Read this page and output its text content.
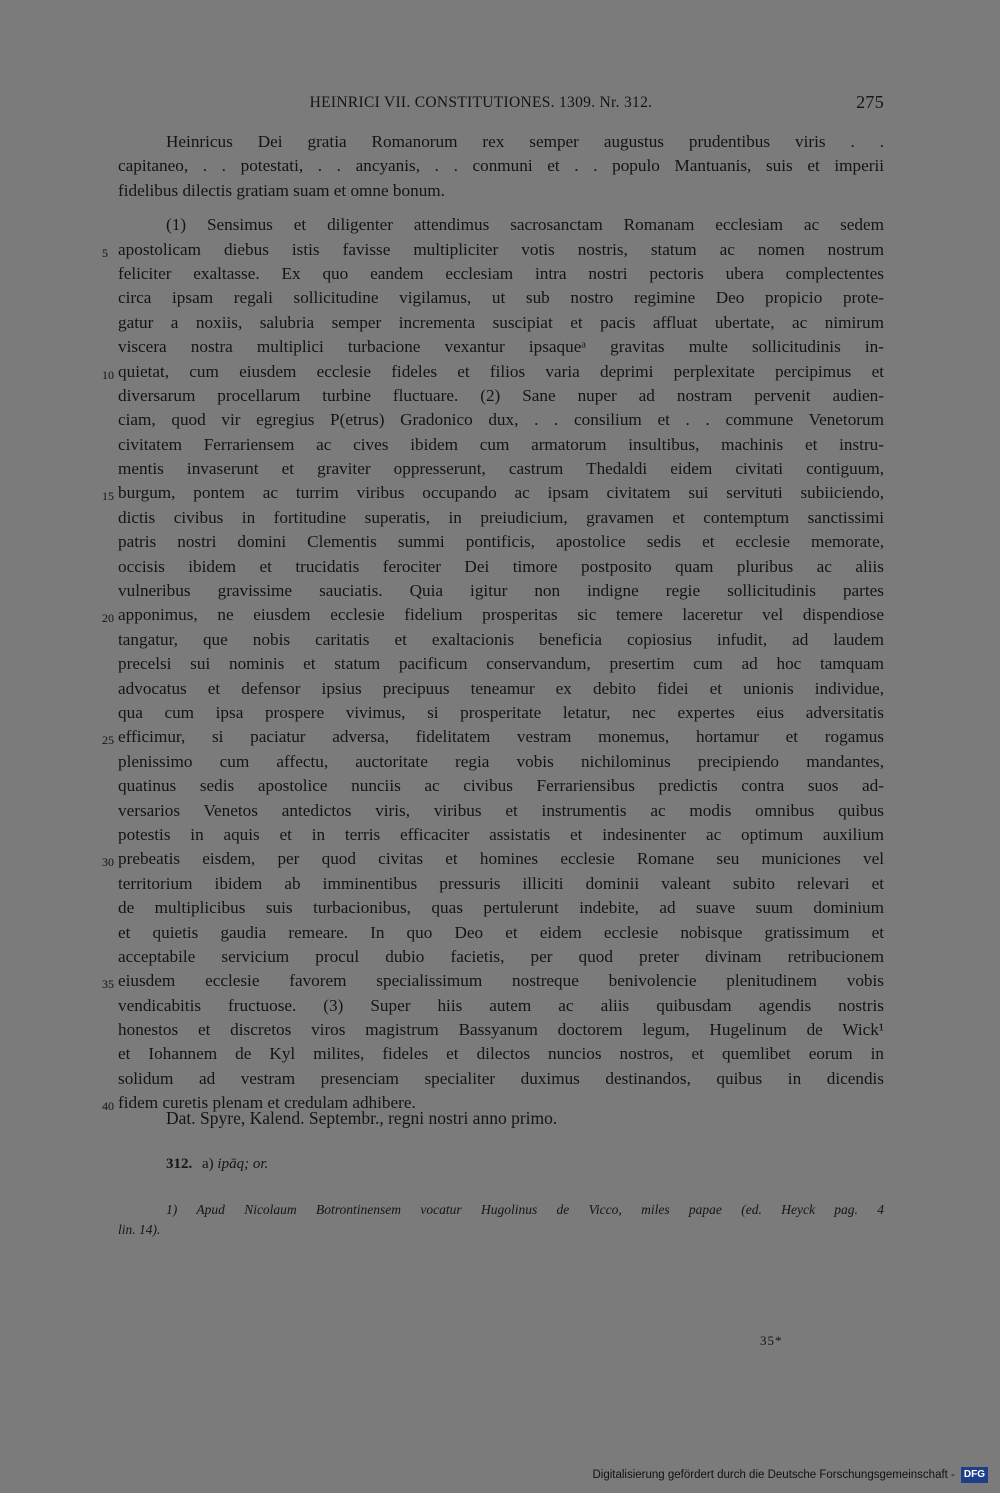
HEINRICI VII. CONSTITUTIONES. 1309. Nr. 312.	275
Heinricus Dei gratia Romanorum rex semper augustus prudentibus viris . .
capitaneo, . . potestati, . . ancyanis, . . conmuni et . . populo Mantuanis, suis et imperii
fidelibus dilectis gratiam suam et omne bonum.
(1) Sensimus et diligenter attendimus sacrosanctam Romanam ecclesiam ac sedem
5 apostolicam diebus istis favisse multipliciter votis nostris, statum ac nomen nostrum
feliciter exaltasse. Ex quo eandem ecclesiam intra nostri pectoris ubera complectentes
circa ipsam regali sollicitudine vigilamus, ut sub nostro regimine Deo propicio prote-
gatur a noxiis, salubria semper incrementa suscipiat et pacis affluat ubertate, ac nimirum
viscera nostra multiplici turbacione vexantur ipsaqueᵃ gravitas multe sollicitudinis in-
10 quietat, cum eiusdem ecclesie fideles et filios varia deprimi perplexitate percipimus et
diversarum procellarum turbine fluctuare. (2) Sane nuper ad nostram pervenit audien-
ciam, quod vir egregius P(etrus) Gradonico dux, . . consilium et . . commune Venetorum
civitatem Ferrariensem ac cives ibidem cum armatorum insultibus, machinis et instru-
mentis invaserunt et graviter oppresserunt, castrum Thedaldi eidem civitati contiguum,
15 burgum, pontem ac turrim viribus occupando ac ipsam civitatem sui servituti subiiciendo,
dictis civibus in fortitudine superatis, in preiudicium, gravamen et contemptum sanctissimi
patris nostri domini Clementis summi pontificis, apostolice sedis et ecclesie memorate,
occisis ibidem et trucidatis ferociter Dei timore postposito quam pluribus ac aliis
vulneribus gravissime sauciatis. Quia igitur non indigne regie sollicitudinis partes
20 apponimus, ne eiusdem ecclesie fidelium prosperitas sic temere laceretur vel dispendiose
tangatur, que nobis caritatis et exaltacionis beneficia copiosius infudit, ad laudem
precelsi sui nominis et statum pacificum conservandum, presertim cum ad hoc tamquam
advocatus et defensor ipsius precipuus teneamur ex debito fidei et unionis individue,
qua cum ipsa prospere vivimus, si prosperitate letatur, nec expertes eius adversitatis
25 efficimur, si paciatur adversa, fidelitatem vestram monemus, hortamur et rogamus
plenissimo cum affectu, auctoritate regia vobis nichilominus precipiendo mandantes,
quatinus sedis apostolice nunciis ac civibus Ferrariensibus predictis contra suos ad-
versarios Venetos antedictos viris, viribus et instrumentis ac modis omnibus quibus
potestis in aquis et in terris efficaciter assistatis et indesinenter ac optimum auxilium
30 prebeatis eisdem, per quod civitas et homines ecclesie Romane seu municiones vel
territorium ibidem ab imminentibus pressuris illiciti dominii valeant subito relevari et
de multiplicibus suis turbacionibus, quas pertulerunt indebite, ad suave suum dominium
et quietis gaudia remeare. In quo Deo et eidem ecclesie nobisque gratissimum et
acceptabile servicium procul dubio facietis, per quod preter divinam retribucionem
35 eiusdem ecclesie favorem specialissimum nostreque benivolencie plenitudinem vobis
vendicabitis fructuose. (3) Super hiis autem ac aliis quibusdam agendis nostris
honestos et discretos viros magistrum Bassyanum doctorem legum, Hugelinum de Wick¹
et Iohannem de Kyl milites, fideles et dilectos nuncios nostros, et quemlibet eorum in
solidum ad vestram presenciam specialiter duximus destinandos, quibus in dicendis
40 fidem curetis plenam et credulam adhibere.
Dat. Spyre, Kalend. Septembr., regni nostri anno primo.
312. a) ipāq; or.
1) Apud Nicolaum Botrontinensem vocatur Hugolinus de Vicco, miles papae (ed. Heyck pag. 4
lin. 14).
35*
Digitalisierung gefördert durch die Deutsche Forschungsgemeinschaft - DFG
